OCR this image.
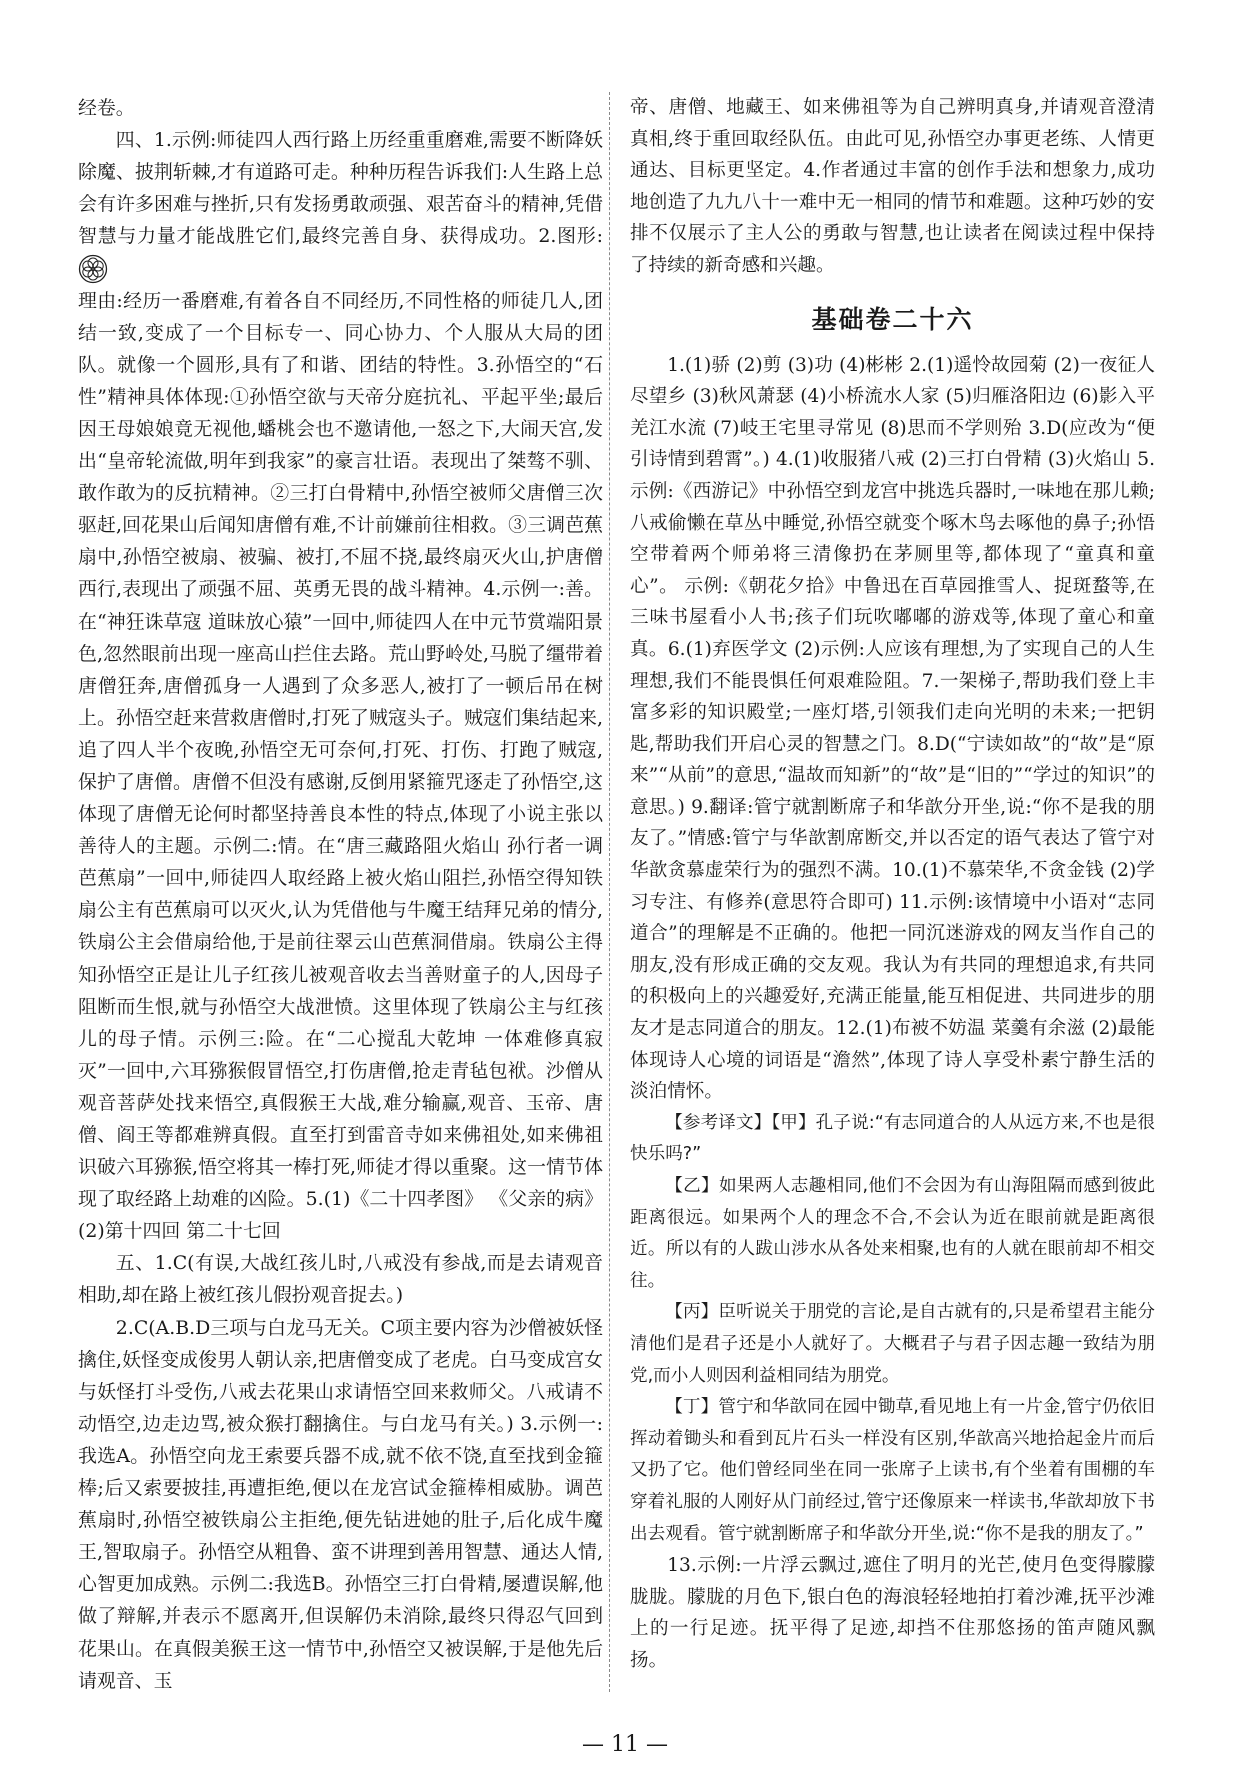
经卷。

四、1.示例:师徒四人西行路上历经重重磨难,需要不断降妖除魔、披荆斩棘,才有道路可走。种种历程告诉我们:人生路上总会有许多困难与挫折,只有发扬勇敢顽强、艰苦奋斗的精神,凭借智慧与力量才能战胜它们,最终完善自身、获得成功。2.图形:

理由:经历一番磨难,有着各自不同经历,不同性格的师徒几人,团结一致,变成了一个目标专一、同心协力、个人服从大局的团队。就像一个圆形,具有了和谐、团结的特性。3.孙悟空的“石性”精神具体体现:①孙悟空欲与天帝分庭抗礼、平起平坐;最后因王母娘娘竟无视他,蟠桃会也不邀请他,一怒之下,大闹天宫,发出“皇帝轮流做,明年到我家”的豪言壮语。表现出了桀骜不驯、敢作敢为的反抗精神。②三打白骨精中,孙悟空被师父唐僧三次驱赶,回花果山后闻知唐僧有难,不计前嫌前往相救。③三调芭蕉扇中,孙悟空被扇、被骗、被打,不屈不挠,最终扇灭火山,护唐僧西行,表现出了顽强不屈、英勇无畏的战斗精神。4.示例一:善。在“神狂诛草寇 道昧放心猿”一回中,师徒四人在中元节赏端阳景色,忽然眼前出现一座高山拦住去路。荒山野岭处,马脱了缰带着唐僧狂奔,唐僧孤身一人遇到了众多恶人,被打了一顿后吊在树上。孙悟空赶来营救唐僧时,打死了贼寇头子。贼寇们集结起来,追了四人半个夜晚,孙悟空无可奈何,打死、打伤、打跑了贼寇,保护了唐僧。唐僧不但没有感谢,反倒用紧箍咒逐走了孙悟空,这体现了唐僧无论何时都坚持善良本性的特点,体现了小说主张以善待人的主题。示例二:情。在“唐三藏路阻火焰山 孙行者一调芭蕉扇”一回中,师徒四人取经路上被火焰山阻拦,孙悟空得知铁扇公主有芭蕉扇可以灭火,认为凭借他与牛魔王结拜兄弟的情分,铁扇公主会借扇给他,于是前往翠云山芭蕉洞借扇。铁扇公主得知孙悟空正是让儿子红孩儿被观音收去当善财童子的人,因母子阻断而生恨,就与孙悟空大战泄愤。这里体现了铁扇公主与红孩儿的母子情。示例三:险。在“二心搅乱大乾坤 一体难修真寂灭”一回中,六耳猕猴假冒悟空,打伤唐僧,抢走青毡包袱。沙僧从观音菩萨处找来悟空,真假猴王大战,难分输赢,观音、玉帝、唐僧、阎王等都难辨真假。直至打到雷音寺如来佛祖处,如来佛祖识破六耳猕猴,悟空将其一棒打死,师徒才得以重聚。这一情节体现了取经路上劫难的凶险。5.(1)《二十四孝图》 《父亲的病》 (2)第十四回 第二十七回

五、1.C(有误,大战红孩儿时,八戒没有参战,而是去请观音相助,却在路上被红孩儿假扮观音捉去。)

2.C(A.B.D三项与白龙马无关。C项主要内容为沙僧被妖怪擒住,妖怪变成俊男人朝认亲,把唐僧变成了老虎。白马变成宫女与妖怪打斗受伤,八戒去花果山求请悟空回来救师父。八戒请不动悟空,边走边骂,被众猴打翻擒住。与白龙马有关。) 3.示例一:我选A。孙悟空向龙王索要兵器不成,就不依不饶,直至找到金箍棒;后又索要披挂,再遭拒绝,便以在龙宫试金箍棒相威胁。调芭蕉扇时,孙悟空被铁扇公主拒绝,便先钻进她的肚子,后化成牛魔王,智取扇子。孙悟空从粗鲁、蛮不讲理到善用智慧、通达人情,心智更加成熟。示例二:我选B。孙悟空三打白骨精,屡遭误解,他做了辩解,并表示不愿离开,但误解仍未消除,最终只得忍气回到花果山。在真假美猴王这一情节中,孙悟空又被误解,于是他先后请观音、玉

帝、唐僧、地藏王、如来佛祖等为自己辨明真身,并请观音澄清真相,终于重回取经队伍。由此可见,孙悟空办事更老练、人情更通达、目标更坚定。4.作者通过丰富的创作手法和想象力,成功地创造了九九八十一难中无一相同的情节和难题。这种巧妙的安排不仅展示了主人公的勇敢与智慧,也让读者在阅读过程中保持了持续的新奇感和兴趣。

基础卷二十六

1.(1)骄 (2)剪 (3)功 (4)彬彬 2.(1)遥怜故园菊 (2)一夜征人尽望乡 (3)秋风萧瑟 (4)小桥流水人家 (5)归雁洛阳边 (6)影入平羌江水流 (7)岐王宅里寻常见 (8)思而不学则殆 3.D(应改为“便引诗情到碧霄”。) 4.(1)收服猪八戒 (2)三打白骨精 (3)火焰山 5.示例:《西游记》中孙悟空到龙宫中挑选兵器时,一味地在那儿赖;八戒偷懒在草丛中睡觉,孙悟空就变个啄木鸟去啄他的鼻子;孙悟空带着两个师弟将三清像扔在茅厕里等,都体现了“童真和童心”。 示例:《朝花夕拾》中鲁迅在百草园推雪人、捉斑蝥等,在三味书屋看小人书;孩子们玩吹嘟嘟的游戏等,体现了童心和童真。6.(1)弃医学文 (2)示例:人应该有理想,为了实现自己的人生理想,我们不能畏惧任何艰难险阻。7.一架梯子,帮助我们登上丰富多彩的知识殿堂;一座灯塔,引领我们走向光明的未来;一把钥匙,帮助我们开启心灵的智慧之门。8.D(“宁读如故”的“故”是“原来”“从前”的意思,“温故而知新”的“故”是“旧的”“学过的知识”的意思。) 9.翻译:管宁就割断席子和华歆分开坐,说:“你不是我的朋友了。”情感:管宁与华歆割席断交,并以否定的语气表达了管宁对华歆贪慕虚荣行为的强烈不满。10.(1)不慕荣华,不贪金钱 (2)学习专注、有修养(意思符合即可) 11.示例:该情境中小语对“志同道合”的理解是不正确的。他把一同沉迷游戏的网友当作自己的朋友,没有形成正确的交友观。我认为有共同的理想追求,有共同的积极向上的兴趣爱好,充满正能量,能互相促进、共同进步的朋友才是志同道合的朋友。12.(1)布被不妨温 菜羹有余滋 (2)最能体现诗人心境的词语是“澹然”,体现了诗人享受朴素宁静生活的淡泊情怀。

【参考译文】【甲】孔子说:“有志同道合的人从远方来,不也是很快乐吗?”

【乙】如果两人志趣相同,他们不会因为有山海阻隔而感到彼此距离很远。如果两个人的理念不合,不会认为近在眼前就是距离很近。所以有的人跋山涉水从各处来相聚,也有的人就在眼前却不相交往。

【丙】臣听说关于朋党的言论,是自古就有的,只是希望君主能分清他们是君子还是小人就好了。大概君子与君子因志趣一致结为朋党,而小人则因利益相同结为朋党。

【丁】管宁和华歆同在园中锄草,看见地上有一片金,管宁仍依旧挥动着锄头和看到瓦片石头一样没有区别,华歆高兴地拾起金片而后又扔了它。他们曾经同坐在同一张席子上读书,有个坐着有围棚的车穿着礼服的人刚好从门前经过,管宁还像原来一样读书,华歆却放下书出去观看。管宁就割断席子和华歆分开坐,说:“你不是我的朋友了。”

13.示例:一片浮云飘过,遮住了明月的光芒,使月色变得朦朦胧胧。朦胧的月色下,银白色的海浪轻轻地拍打着沙滩,抚平沙滩上的一行足迹。抚平得了足迹,却挡不住那悠扬的笛声随风飘扬。

— 11 —
